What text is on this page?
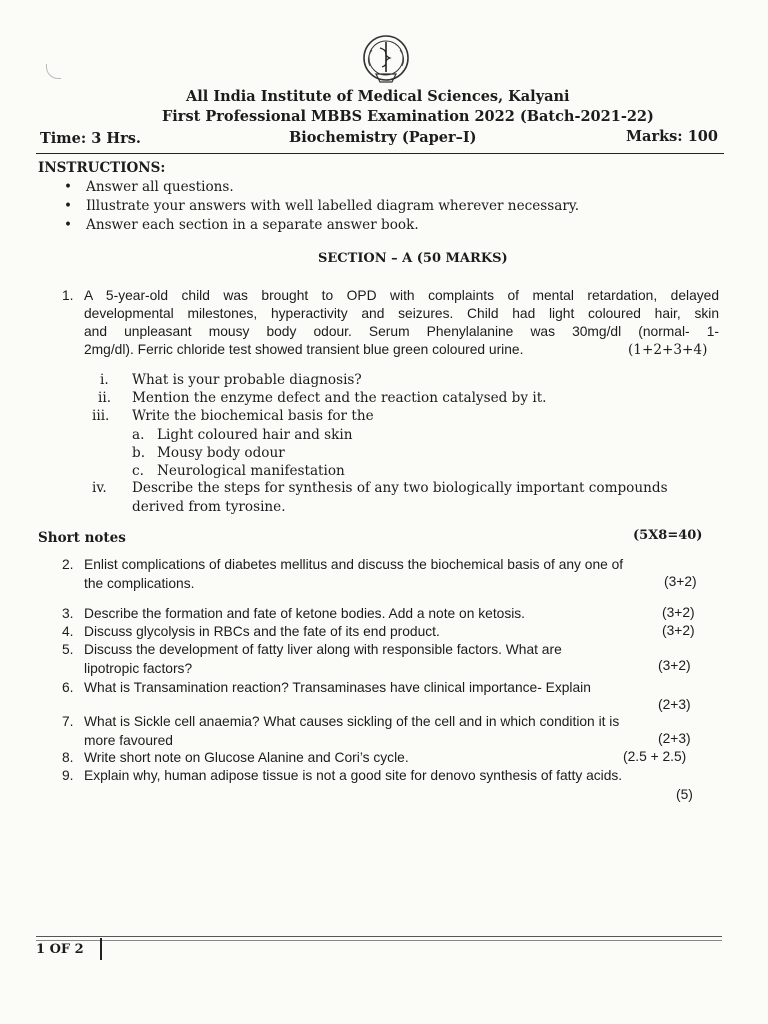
All India Institute of Medical Sciences, Kalyani
First Professional MBBS Examination 2022 (Batch-2021-22)
Time: 3 Hrs.	Biochemistry (Paper–I)	Marks: 100
INSTRUCTIONS:
• Answer all questions.
• Illustrate your answers with well labelled diagram wherever necessary.
• Answer each section in a separate answer book.
SECTION – A (50 MARKS)
1. A 5-year-old child was brought to OPD with complaints of mental retardation, delayed
developmental milestones, hyperactivity and seizures. Child had light coloured hair, skin
and unpleasant mousy body odour. Serum Phenylalanine was 30mg/dl (normal- 1-
2mg/dl). Ferric chloride test showed transient blue green coloured urine.	(1+2+3+4)
i. What is your probable diagnosis?
ii. Mention the enzyme defect and the reaction catalysed by it.
iii. Write the biochemical basis for the
a. Light coloured hair and skin
b. Mousy body odour
c. Neurological manifestation
iv. Describe the steps for synthesis of any two biologically important compounds
derived from tyrosine.
Short notes	(5X8=40)
2. Enlist complications of diabetes mellitus and discuss the biochemical basis of any one of
the complications.	(3+2)
3. Describe the formation and fate of ketone bodies. Add a note on ketosis.	(3+2)
4. Discuss glycolysis in RBCs and the fate of its end product.	(3+2)
5. Discuss the development of fatty liver along with responsible factors. What are
lipotropic factors?	(3+2)
6. What is Transamination reaction? Transaminases have clinical importance- Explain
(2+3)
7. What is Sickle cell anaemia? What causes sickling of the cell and in which condition it is
more favoured	(2+3)
8. Write short note on Glucose Alanine and Cori’s cycle.	(2.5 + 2.5)
9. Explain why, human adipose tissue is not a good site for denovo synthesis of fatty acids.
(5)
1 OF 2
